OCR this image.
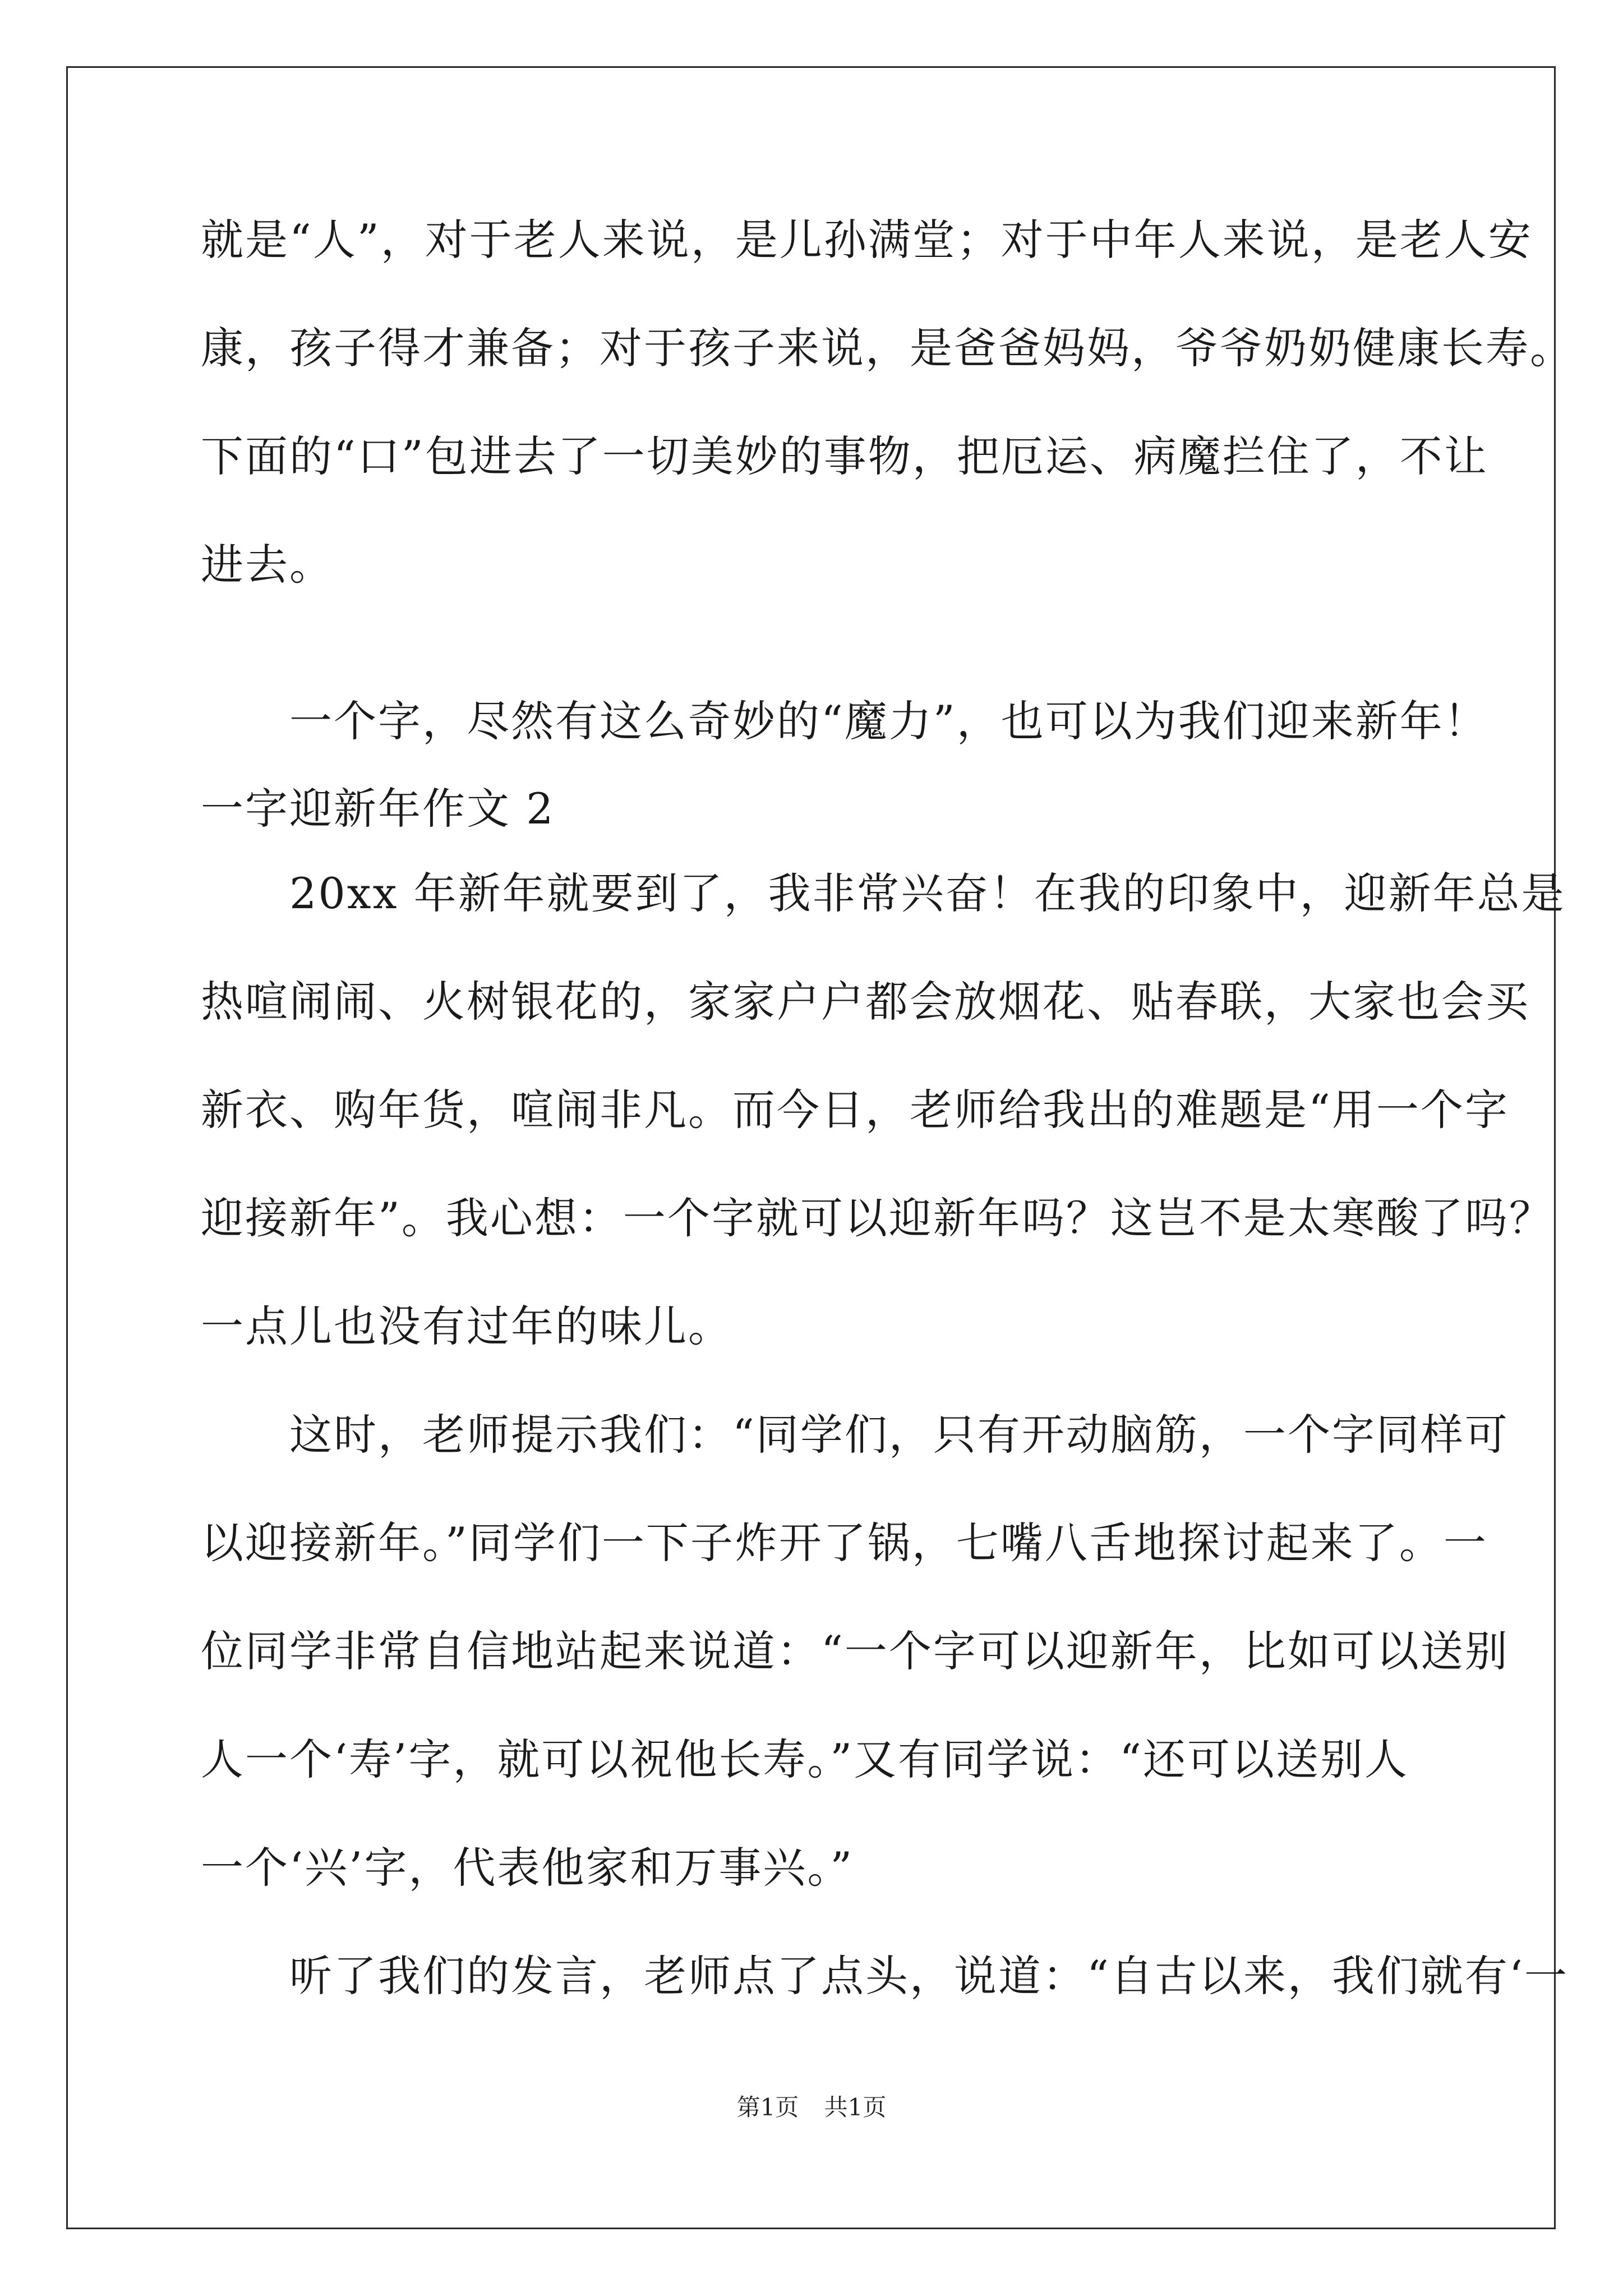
就是“人”，对于老人来说，是儿孙满堂；对于中年人来说，是老人安
康，孩子得才兼备；对于孩子来说，是爸爸妈妈，爷爷奶奶健康长寿。
下面的“口”包进去了一切美妙的事物，把厄运、病魔拦住了，不让
进去。
　　一个字，尽然有这么奇妙的“魔力”，也可以为我们迎来新年！
一字迎新年作文 2
　　20xx 年新年就要到了，我非常兴奋！在我的印象中，迎新年总是
热喧闹闹、火树银花的，家家户户都会放烟花、贴春联，大家也会买
新衣、购年货，喧闹非凡。而今日，老师给我出的难题是“用一个字
迎接新年”。我心想：一个字就可以迎新年吗？这岂不是太寒酸了吗？
一点儿也没有过年的味儿。
　　这时，老师提示我们：“同学们，只有开动脑筋，一个字同样可
以迎接新年。”同学们一下子炸开了锅，七嘴八舌地探讨起来了。一
位同学非常自信地站起来说道：“一个字可以迎新年，比如可以送别
人一个‘寿’字，就可以祝他长寿。”又有同学说：“还可以送别人
一个‘兴’字，代表他家和万事兴。”
　　听了我们的发言，老师点了点头，说道：“自古以来，我们就有‘一
第1页 共1页
